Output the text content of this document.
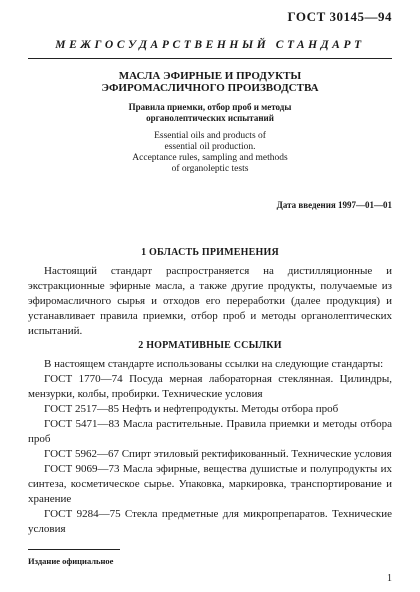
ГОСТ 30145—94
МЕЖГОСУДАРСТВЕННЫЙ СТАНДАРТ
МАСЛА ЭФИРНЫЕ И ПРОДУКТЫ
ЭФИРОМАСЛИЧНОГО ПРОИЗВОДСТВА
Правила приемки, отбор проб и методы
органолептических испытаний
Essential oils and products of
essential oil production.
Acceptance rules, sampling and methods
of organoleptic tests
Дата введения 1997—01—01
1 ОБЛАСТЬ ПРИМЕНЕНИЯ

Настоящий стандарт распространяется на дистилляционные и экстракционные эфирные масла, а также другие продукты, получаемые из эфиромасличного сырья и отходов его переработки (далее продукция) и устанавливает правила приемки, отбор проб и методы органолептических испытаний.

2 НОРМАТИВНЫЕ ССЫЛКИ

В настоящем стандарте использованы ссылки на следующие стандарты:

ГОСТ 1770—74 Посуда мерная лабораторная стеклянная. Цилиндры, мензурки, колбы, пробирки. Технические условия

ГОСТ 2517—85 Нефть и нефтепродукты. Методы отбора проб

ГОСТ 5471—83 Масла растительные. Правила приемки и методы отбора проб

ГОСТ 5962—67 Спирт этиловый ректификованный. Технические условия

ГОСТ 9069—73 Масла эфирные, вещества душистые и полупродукты их синтеза, косметическое сырье. Упаковка, маркировка, транспортирование и хранение

ГОСТ 9284—75 Стекла предметные для микропрепаратов. Технические условия

Издание официальное
1
